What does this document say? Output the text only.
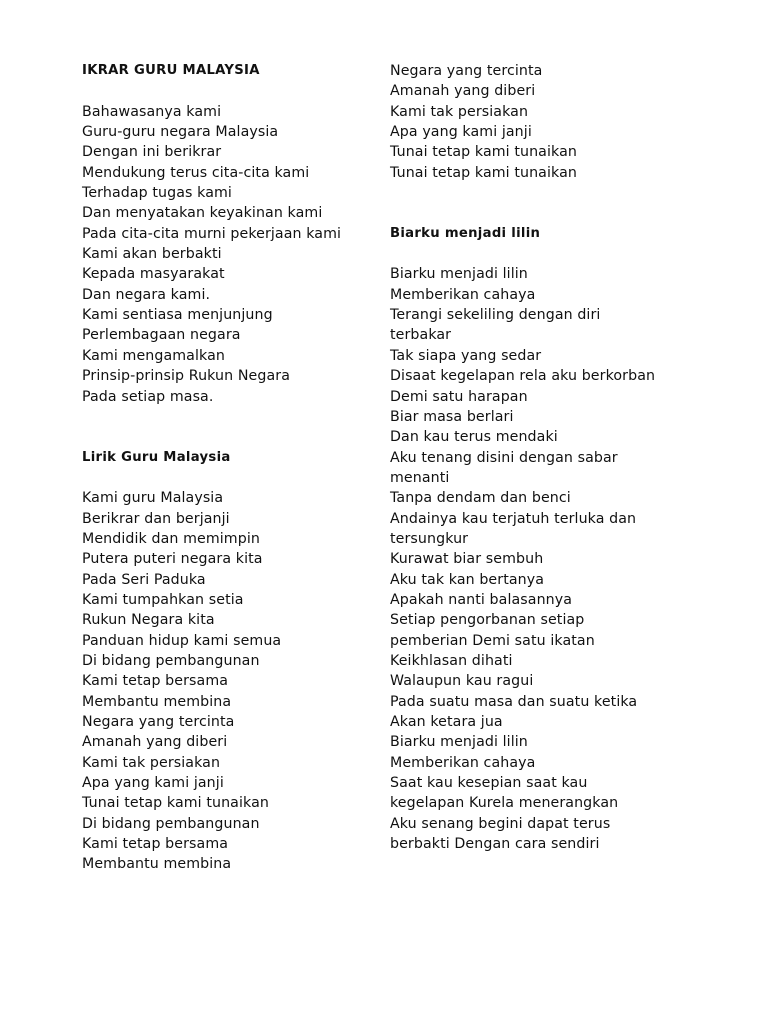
IKRAR GURU MALAYSIA
Bahawasanya kami
Guru-guru negara Malaysia
Dengan ini berikrar
Mendukung terus cita-cita kami
Terhadap tugas kami
Dan menyatakan keyakinan kami
Pada cita-cita murni pekerjaan kami
Kami akan berbakti
Kepada masyarakat
Dan negara kami.
Kami sentiasa menjunjung
Perlembagaan negara
Kami mengamalkan
Prinsip-prinsip Rukun Negara
Pada setiap masa.
Lirik Guru Malaysia
Kami guru Malaysia
Berikrar dan berjanji
Mendidik dan memimpin
Putera puteri negara kita
Pada Seri Paduka
Kami tumpahkan setia
Rukun Negara kita
Panduan hidup kami semua
Di bidang pembangunan
Kami tetap bersama
Membantu membina
Negara yang tercinta
Amanah yang diberi
Kami tak persiakan
Apa yang kami janji
Tunai tetap kami tunaikan
Di bidang pembangunan
Kami tetap bersama
Membantu membina
Negara yang tercinta
Amanah yang diberi
Kami tak persiakan
Apa yang kami janji
Tunai tetap kami tunaikan
Tunai tetap kami tunaikan
Biarku menjadi lilin
Biarku menjadi lilin
Memberikan cahaya
Terangi sekeliling dengan diri
terbakar
Tak siapa yang sedar
Disaat kegelapan rela aku berkorban
Demi satu harapan
Biar masa berlari
Dan kau terus mendaki
Aku tenang disini dengan sabar
menanti
Tanpa dendam dan benci
Andainya kau terjatuh terluka dan
tersungkur
Kurawat biar sembuh
Aku tak kan bertanya
Apakah nanti balasannya
Setiap pengorbanan setiap
pemberian Demi satu ikatan
Keikhlasan dihati
Walaupun kau ragui
Pada suatu masa dan suatu ketika
Akan ketara jua
Biarku menjadi lilin
Memberikan cahaya
Saat kau kesepian saat kau
kegelapan Kurela menerangkan
Aku senang begini dapat terus
berbakti Dengan cara sendiri
